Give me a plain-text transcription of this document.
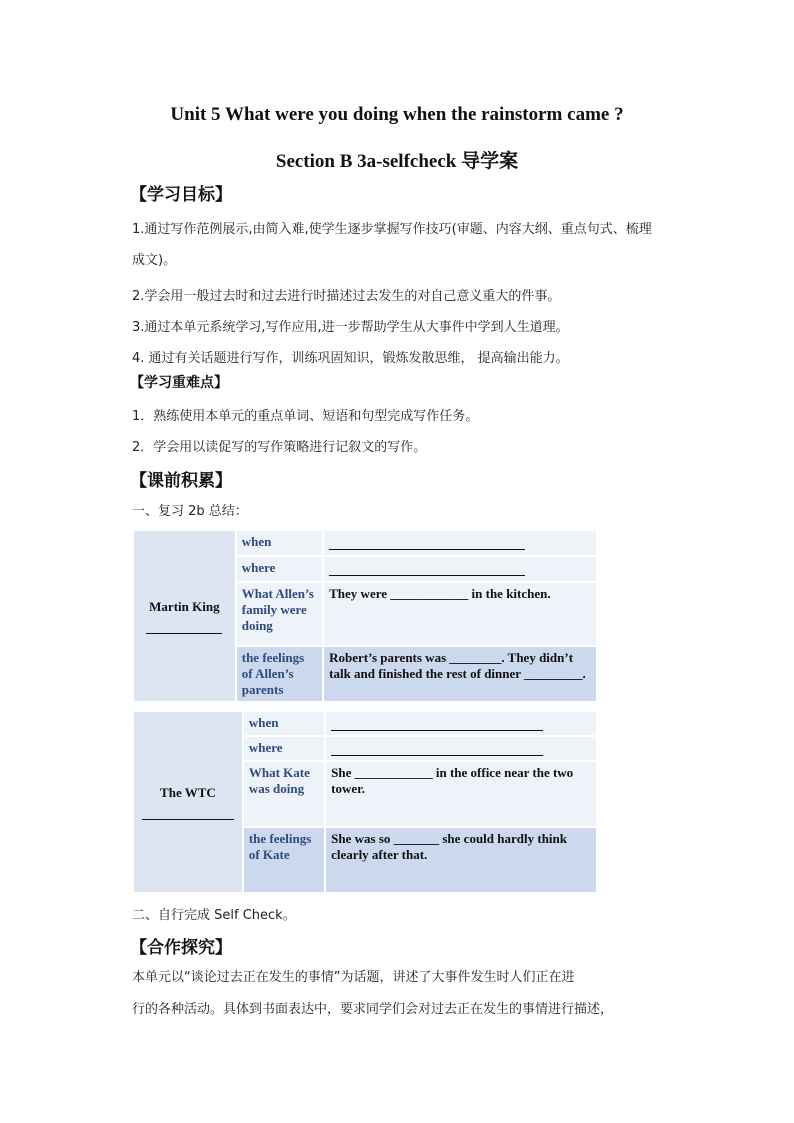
Unit 5 What were you doing when the rainstorm came ?
Section B 3a-selfcheck 导学案
【学习目标】
1.通过写作范例展示,由简入难,使学生逐步掌握写作技巧(审题、内容大纲、重点句式、梳理成文)。
2.学会用一般过去时和过去进行时描述过去发生的对自己意义重大的件事。
3.通过本单元系统学习,写作应用,进一步帮助学生从大事件中学到人生道理。
4. 通过有关话题进行写作，训练巩固知识，锻炼发散思维， 提高输出能力。
【学习重难点】
1．熟练使用本单元的重点单词、短语和句型完成写作任务。
2．学会用以读促写的写作策略进行记叙文的写作。
【课前积累】
一、复习 2b 总结：
Martin King	when	
	where	
	What Allen’s family were doing	They were ____________ in the kitchen.
	the feelings of Allen’s parents	Robert’s parents was ________. They didn’t talk and finished the rest of dinner _________.
The WTC	when	
	where	
	What Kate was doing	She ____________ in the office near the two tower.
	the feelings of Kate	She was so _______ she could hardly think clearly after that.
二、自行完成 Self Check。
【合作探究】
本单元以“谈论过去正在发生的事情”为话题，讲述了大事件发生时人们正在进
行的各种活动。具体到书面表达中，要求同学们会对过去正在发生的事情进行描述，
